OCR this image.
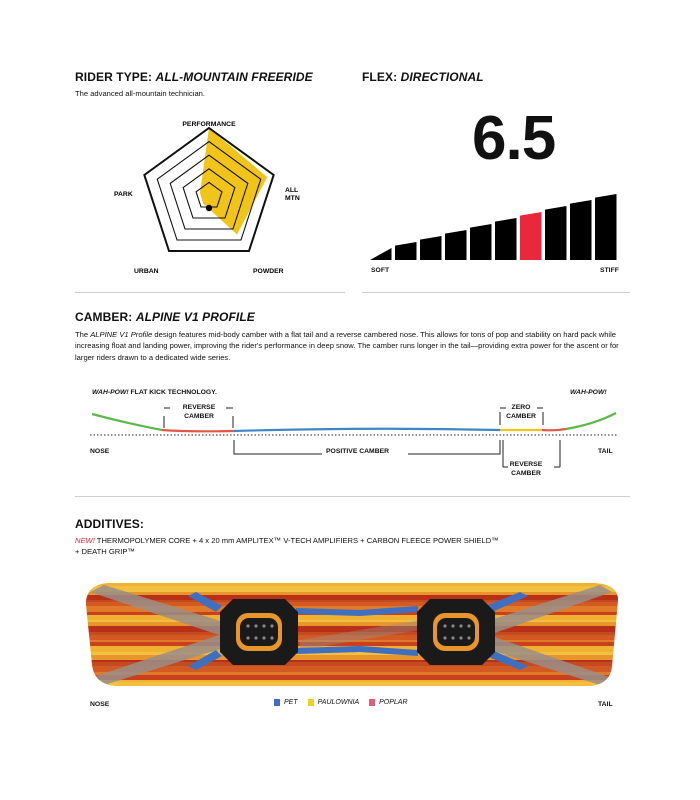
RIDER TYPE: ALL-MOUNTAIN FREERIDE
The advanced all-mountain technician.
PERFORMANCE
ALL
MTN
POWDER
URBAN
PARK
FLEX: DIRECTIONAL
6.5
SOFT	STIFF
CAMBER: ALPINE V1 PROFILE
The ALPINE V1 Profile design features mid-body camber with a flat tail and a reverse cambered nose. This allows for tons of pop and stability on hard pack while increasing float and landing power, improving the rider's performance in deep snow. The camber runs longer in the tail—providing extra power for the ascent or for larger riders drawn to a dedicated wide series.
WAH-POW! FLAT KICK TECHNOLOGY.	WAH-POW!
REVERSE
CAMBER
ZERO
CAMBER
NOSE	TAIL
POSITIVE CAMBER
REVERSE
CAMBER
ADDITIVES:
NEW! THERMOPOLYMER CORE + 4 x 20 mm AMPLITEX™ V-TECH AMPLIFIERS + CARBON FLEECE POWER SHIELD™
+ DEATH GRIP™
NOSE	TAIL
PET	PAULOWNIA	POPLAR
